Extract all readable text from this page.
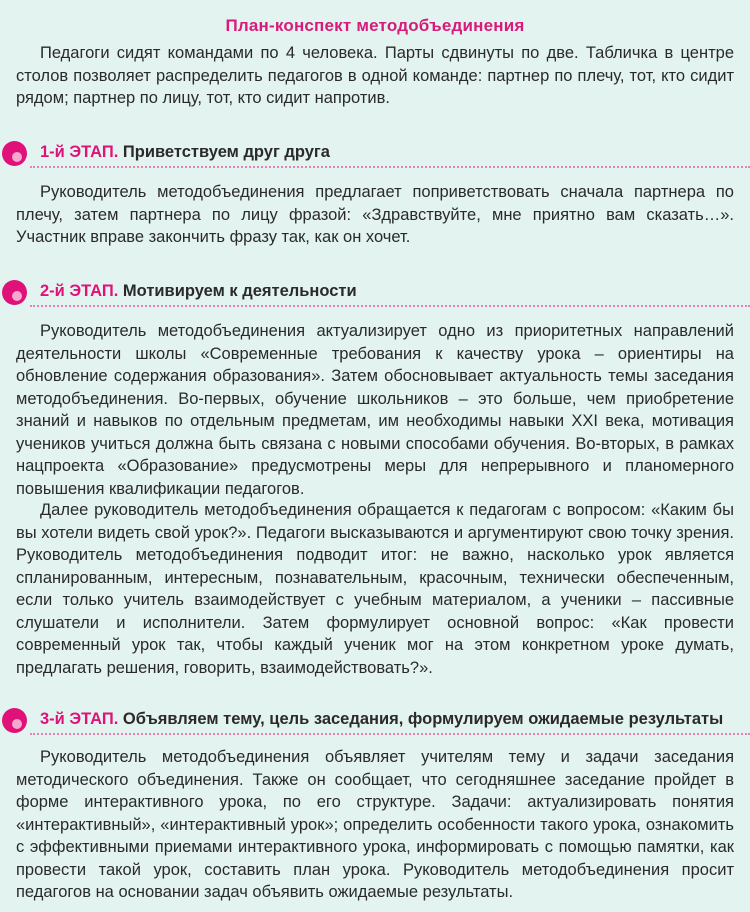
План-конспект методобъединения
Педагоги сидят командами по 4 человека. Парты сдвинуты по две. Табличка в центре столов позволяет распределить педагогов в одной команде: партнер по плечу, тот, кто сидит рядом; партнер по лицу, тот, кто сидит напротив.
1-й ЭТАП. Приветствуем друг друга
Руководитель методобъединения предлагает поприветствовать сначала партнера по плечу, затем партнера по лицу фразой: «Здравствуйте, мне приятно вам сказать…». Участник вправе закончить фразу так, как он хочет.
2-й ЭТАП. Мотивируем к деятельности
Руководитель методобъединения актуализирует одно из приоритетных направлений деятельности школы «Современные требования к качеству урока – ориентиры на обновление содержания образования». Затем обосновывает актуальность темы заседания методобъединения. Во-первых, обучение школьников – это больше, чем приобретение знаний и навыков по отдельным предметам, им необходимы навыки XXI века, мотивация учеников учиться должна быть связана с новыми способами обучения. Во-вторых, в рамках нацпроекта «Образование» предусмотрены меры для непрерывного и планомерного повышения квалификации педагогов.
Далее руководитель методобъединения обращается к педагогам с вопросом: «Каким бы вы хотели видеть свой урок?». Педагоги высказываются и аргументируют свою точку зрения. Руководитель методобъединения подводит итог: не важно, насколько урок является спланированным, интересным, познавательным, красочным, технически обеспеченным, если только учитель взаимодействует с учебным материалом, а ученики – пассивные слушатели и исполнители. Затем формулирует основной вопрос: «Как провести современный урок так, чтобы каждый ученик мог на этом конкретном уроке думать, предлагать решения, говорить, взаимодействовать?».
3-й ЭТАП. Объявляем тему, цель заседания, формулируем ожидаемые результаты
Руководитель методобъединения объявляет учителям тему и задачи заседания методического объединения. Также он сообщает, что сегодняшнее заседание пройдет в форме интерактивного урока, по его структуре. Задачи: актуализировать понятия «интерактивный», «интерактивный урок»; определить особенности такого урока, ознакомить с эффективными приемами интерактивного урока, информировать с помощью памятки, как провести такой урок, составить план урока. Руководитель методобъединения просит педагогов на основании задач объявить ожидаемые результаты.
